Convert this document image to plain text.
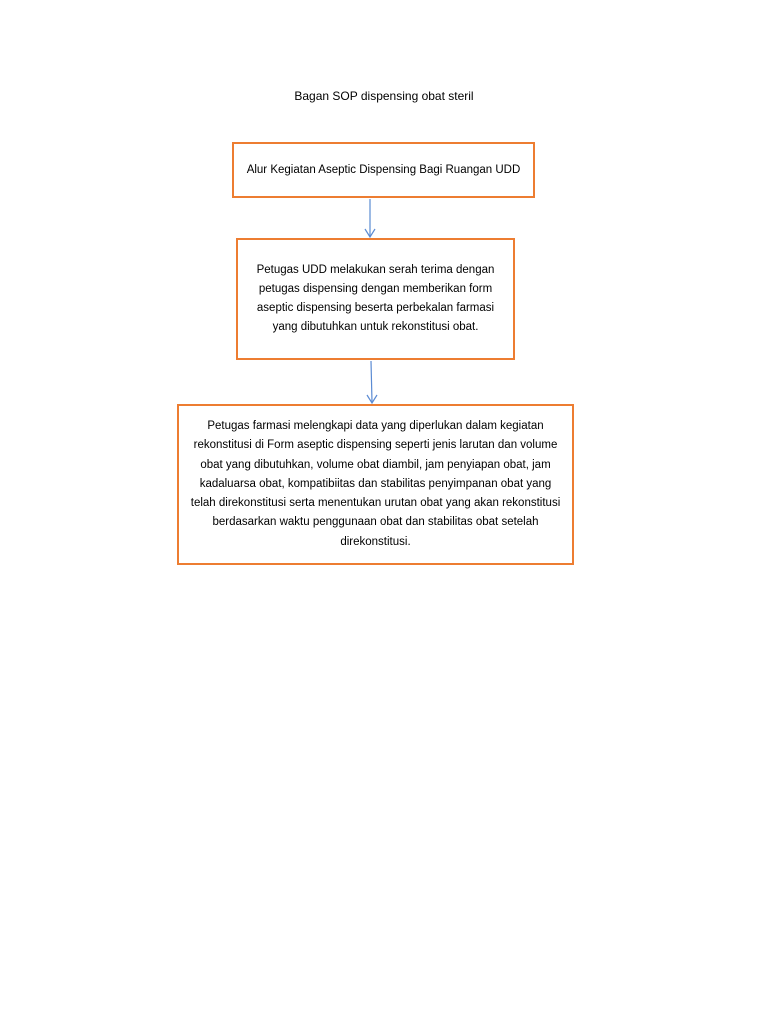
Bagan SOP dispensing obat steril
Alur Kegiatan Aseptic Dispensing Bagi Ruangan UDD
Petugas UDD melakukan serah terima dengan petugas dispensing dengan memberikan form aseptic dispensing beserta perbekalan farmasi yang dibutuhkan untuk rekonstitusi obat.
Petugas farmasi melengkapi data yang diperlukan dalam kegiatan rekonstitusi di Form aseptic dispensing seperti jenis larutan dan volume obat yang dibutuhkan, volume obat diambil, jam penyiapan obat, jam kadaluarsa obat, kompatibiitas dan stabilitas penyimpanan obat yang telah direkonstitusi serta menentukan urutan obat yang akan rekonstitusi berdasarkan waktu penggunaan obat dan stabilitas obat setelah direkonstitusi.
